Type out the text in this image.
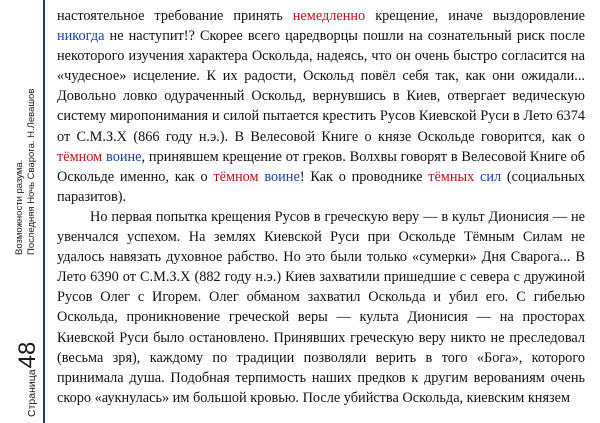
Страница
48
Возможности разума. Последняя Ночь Сварога. Н.Левашов

настоятельное требование принять немедленно крещение, иначе выздоровление никогда не наступит!? Скорее всего царедворцы пошли на сознательный риск после некоторого изучения характера Оскольда, надеясь, что он очень быстро согласится на «чудесное» исцеление. К их радости, Оскольд повёл себя так, как они ожидали... Довольно ловко одураченный Оскольд, вернувшись в Киев, отвергает ведическую систему миропонимания и силой пытается крестить Русов Киевской Руси в Лето 6374 от С.М.З.Х (866 году н.э.). В Велесовой Книге о князе Оскольде говорится, как о тёмном воине, принявшем крещение от греков. Волхвы говорят в Велесовой Книге об Оскольде именно, как о тёмном воине! Как о проводнике тёмных сил (социальных паразитов).

Но первая попытка крещения Русов в греческую веру — в культ Дионисия — не увенчался успехом. На землях Киевской Руси при Оскольде Тёмным Силам не удалось навязать духовное рабство. Но это были только «сумерки» Дня Сварога... В Лето 6390 от С.М.З.Х (882 году н.э.) Киев захватили пришедшие с севера с дружиной Русов Олег с Игорем. Олег обманом захватил Оскольда и убил его. С гибелью Оскольда, проникновение греческой веры — культа Дионисия — на просторах Киевской Руси было остановлено. Принявших греческую веру никто не преследовал (весьма зря), каждому по традиции позволяли верить в того «Бога», которого принимала душа. Подобная терпимость наших предков к другим верованиям очень скоро «аукнулась» им большой кровью. После убийства Оскольда, киевским князем
